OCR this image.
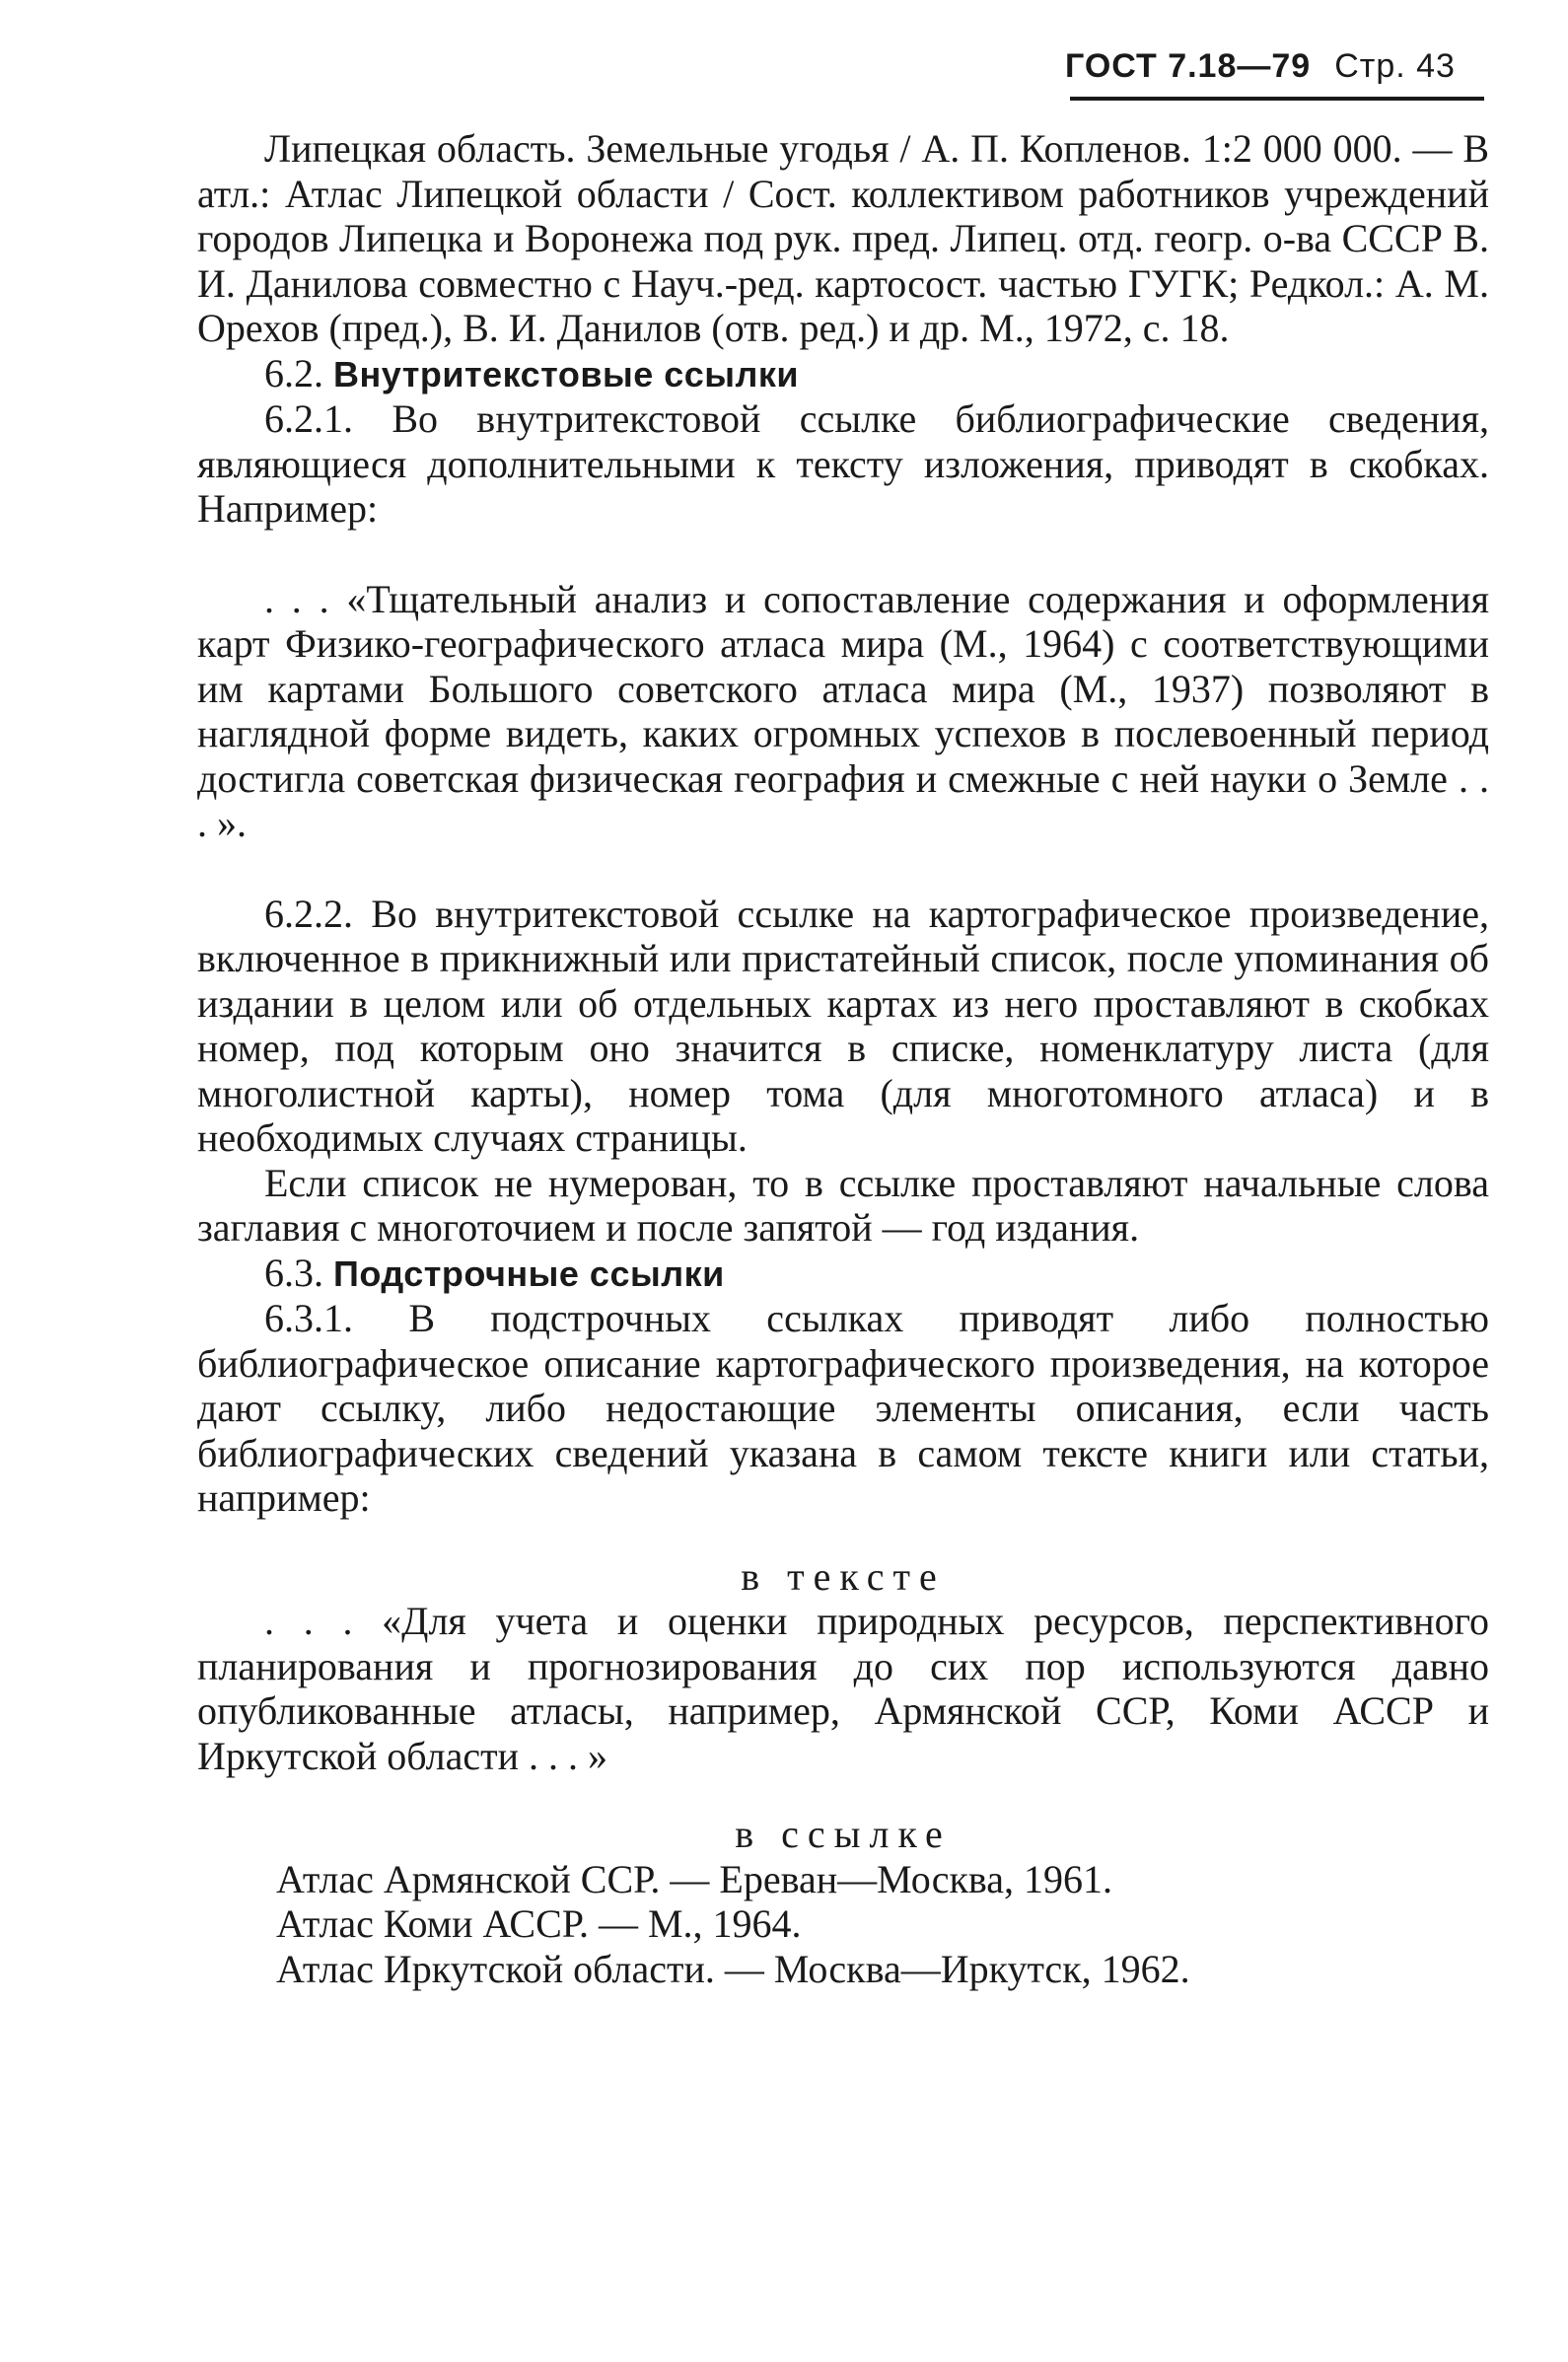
ГОСТ 7.18—79 Стр. 43

Липецкая область. Земельные угодья / А. П. Копленов. 1:2 000 000. — В атл.: Атлас Липецкой области / Сост. коллективом работников учреждений городов Липецка и Воронежа под рук. пред. Липец. отд. геогр. о-ва СССР В. И. Данилова совместно с Науч.-ред. картосост. частью ГУГК; Редкол.: А. М. Орехов (пред.), В. И. Данилов (отв. ред.) и др. М., 1972, с. 18.

6.2. Внутритекстовые ссылки

6.2.1. Во внутритекстовой ссылке библиографические сведения, являющиеся дополнительными к тексту изложения, приводят в скобках. Например:

. . . «Тщательный анализ и сопоставление содержания и оформления карт Физико-географического атласа мира (М., 1964) с соответствующими им картами Большого советского атласа мира (М., 1937) позволяют в наглядной форме видеть, каких огромных успехов в послевоенный период достигла советская физическая география и смежные с ней науки о Земле . . . ».

6.2.2. Во внутритекстовой ссылке на картографическое произведение, включенное в прикнижный или пристатейный список, после упоминания об издании в целом или об отдельных картах из него проставляют в скобках номер, под которым оно значится в списке, номенклатуру листа (для многолистной карты), номер тома (для многотомного атласа) и в необходимых случаях страницы.

Если список не нумерован, то в ссылке проставляют начальные слова заглавия с многоточием и после запятой — год издания.

6.3. Подстрочные ссылки

6.3.1. В подстрочных ссылках приводят либо полностью библиографическое описание картографического произведения, на которое дают ссылку, либо недостающие элементы описания, если часть библиографических сведений указана в самом тексте книги или статьи, например:

в тексте

. . . «Для учета и оценки природных ресурсов, перспективного планирования и прогнозирования до сих пор используются давно опубликованные атласы, например, Армянской ССР, Коми АССР и Иркутской области . . . »

в ссылке

Атлас Армянской ССР. — Ереван—Москва, 1961.
Атлас Коми АССР. — М., 1964.
Атлас Иркутской области. — Москва—Иркутск, 1962.
